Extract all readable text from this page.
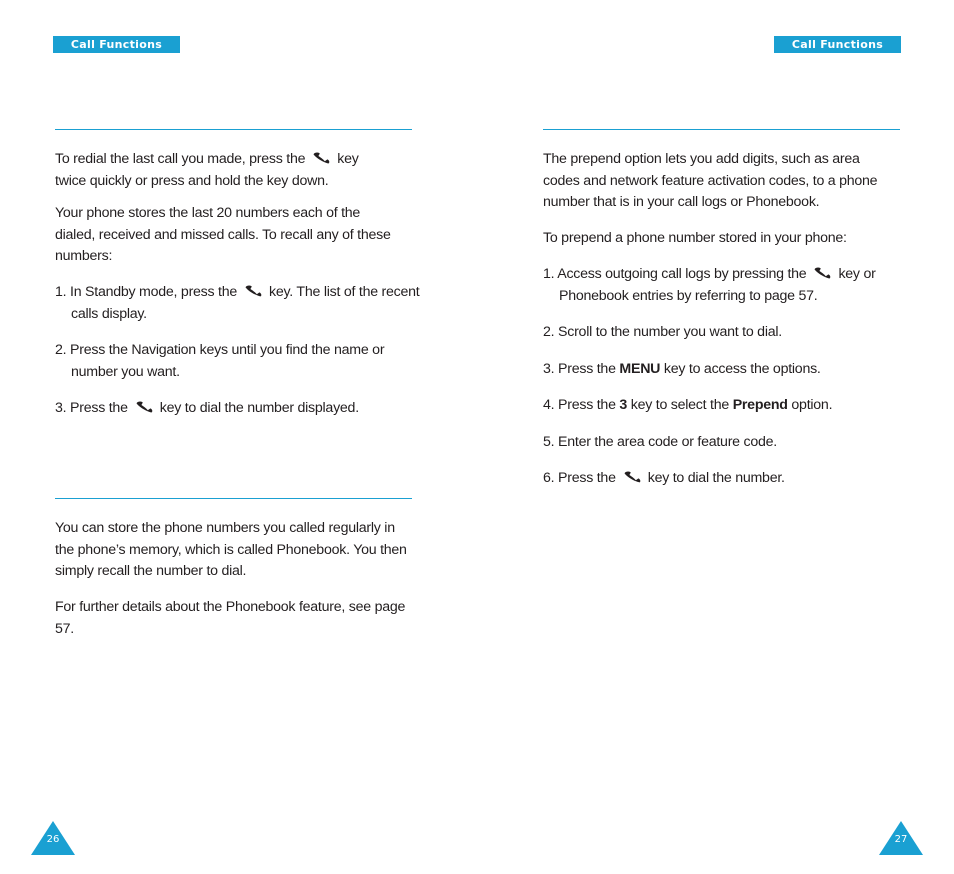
Call Functions	Call Functions

To redial the last call you made, press the key
twice quickly or press and hold the key down.

Your phone stores the last 20 numbers each of the dialed, received and missed calls. To recall any of these numbers:

1. In Standby mode, press the key. The list of the recent calls display.

2. Press the Navigation keys until you find the name or number you want.

3. Press the key to dial the number displayed.

You can store the phone numbers you called regularly in the phone’s memory, which is called Phonebook. You then simply recall the number to dial.

For further details about the Phonebook feature, see page 57.

The prepend option lets you add digits, such as area codes and network feature activation codes, to a phone number that is in your call logs or Phonebook.

To prepend a phone number stored in your phone:

1. Access outgoing call logs by pressing the key or Phonebook entries by referring to page 57.

2. Scroll to the number you want to dial.

3. Press the MENU key to access the options.

4. Press the 3 key to select the Prepend option.

5. Enter the area code or feature code.

6. Press the key to dial the number.

26	27
